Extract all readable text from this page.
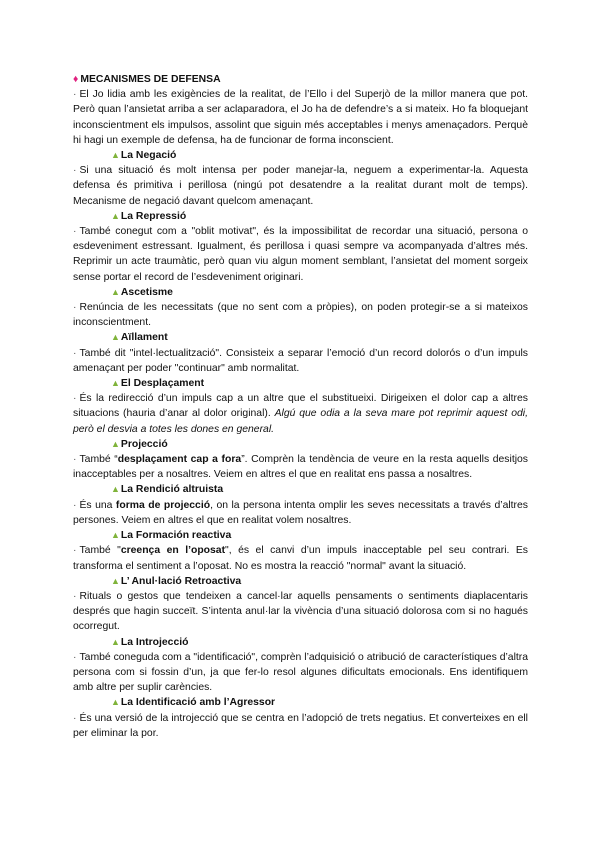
♦ MECANISMES DE DEFENSA

· El Jo lidia amb les exigències de la realitat, de l’Ello i del Superjò de la millor manera que pot. Però quan l’ansietat arriba a ser aclaparadora, el Jo ha de defendre’s a si mateix. Ho fa bloquejant inconscientment els impulsos, assolint que siguin més acceptables i menys amenaçadors. Perquè hi hagi un exemple de defensa, ha de funcionar de forma inconscient.

▲La Negació

· Si una situació és molt intensa per poder manejar-la, neguem a experimentar-la. Aquesta defensa és primitiva i perillosa (ningú pot desatendre a la realitat durant molt de temps). Mecanisme de negació davant quelcom amenaçant.

▲La Repressió

· També conegut com a "oblit motivat", és la impossibilitat de recordar una situació, persona o esdeveniment estressant. Igualment, és perillosa i quasi sempre va acompanyada d’altres més. Reprimir un acte traumàtic, però quan viu algun moment semblant, l’ansietat del moment sorgeix sense portar el record de l’esdeveniment originari.

▲Ascetisme

· Renúncia de les necessitats (que no sent com a pròpies), on poden protegir-se a si mateixos inconscientment.

▲Aïllament

· També dit "intel·lectualització". Consisteix a separar l’emoció d’un record dolorós o d’un impuls amenaçant per poder "continuar" amb normalitat.

▲El Desplaçament

· És la redirecció d’un impuls cap a un altre que el substitueixi. Dirigeixen el dolor cap a altres situacions (hauria d’anar al dolor original). Algú que odia a la seva mare pot reprimir aquest odi, però el desvia a totes les dones en general.

▲Projecció

· També “desplaçament cap a fora”. Comprèn la tendència de veure en la resta aquells desitjos inacceptables per a nosaltres. Veiem en altres el que en realitat ens passa a nosaltres.

▲La Rendició altruista

· És una forma de projecció, on la persona intenta omplir les seves necessitats a través d’altres persones. Veiem en altres el que en realitat volem nosaltres.

▲La Formación reactiva

· També "creença en l’oposat", és el canvi d’un impuls inacceptable pel seu contrari. Es transforma el sentiment a l’oposat. No es mostra la reacció "normal" avant la situació.

▲L’ Anul·lació Retroactiva

· Rituals o gestos que tendeixen a cancel·lar aquells pensaments o sentiments diaplacentaris després que hagin succeït. S’intenta anul·lar la vivència d’una situació dolorosa com si no hagués ocorregut.

▲La Introjecció

· També coneguda com a "identificació", comprèn l’adquisició o atribució de característiques d’altra persona com si fossin d’un, ja que fer-lo resol algunes dificultats emocionals. Ens identifiquem amb altre per suplir carències.

▲La Identificació amb l’Agressor

· És una versió de la introjecció que se centra en l’adopció de trets negatius. Et converteixes en ell per eliminar la por.
